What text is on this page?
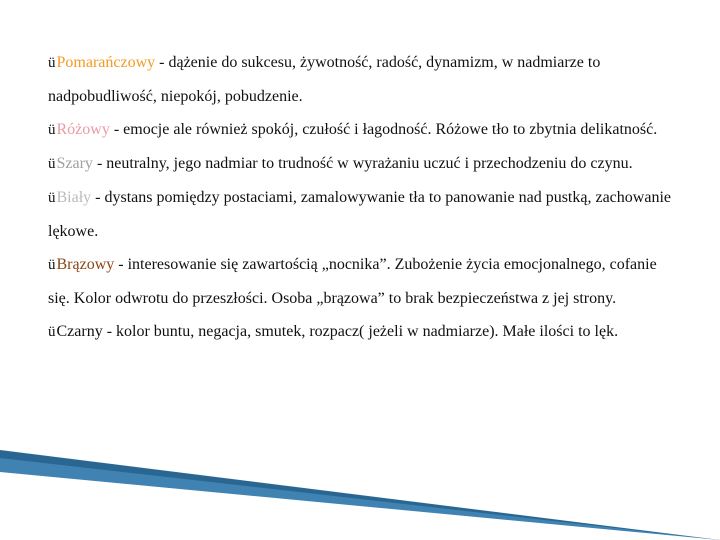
üPomarańczowy - dążenie do sukcesu, żywotność, radość, dynamizm, w nadmiarze to nadpobudliwość, niepokój, pobudzenie.

üRóżowy - emocje ale również spokój, czułość i łagodność. Różowe tło to zbytnia delikatność.

üSzary - neutralny, jego nadmiar to trudność w wyrażaniu uczuć i przechodzeniu do czynu.

üBiały - dystans pomiędzy postaciami, zamalowywanie tła to panowanie nad pustką, zachowanie lękowe.

üBrązowy - interesowanie się zawartością „nocnika”. Zubożenie życia emocjonalnego, cofanie się. Kolor odwrotu do przeszłości. Osoba „brązowa” to brak bezpieczeństwa z jej strony.

üCzarny - kolor buntu, negacja, smutek, rozpacz( jeżeli w nadmiarze). Małe ilości to lęk.
